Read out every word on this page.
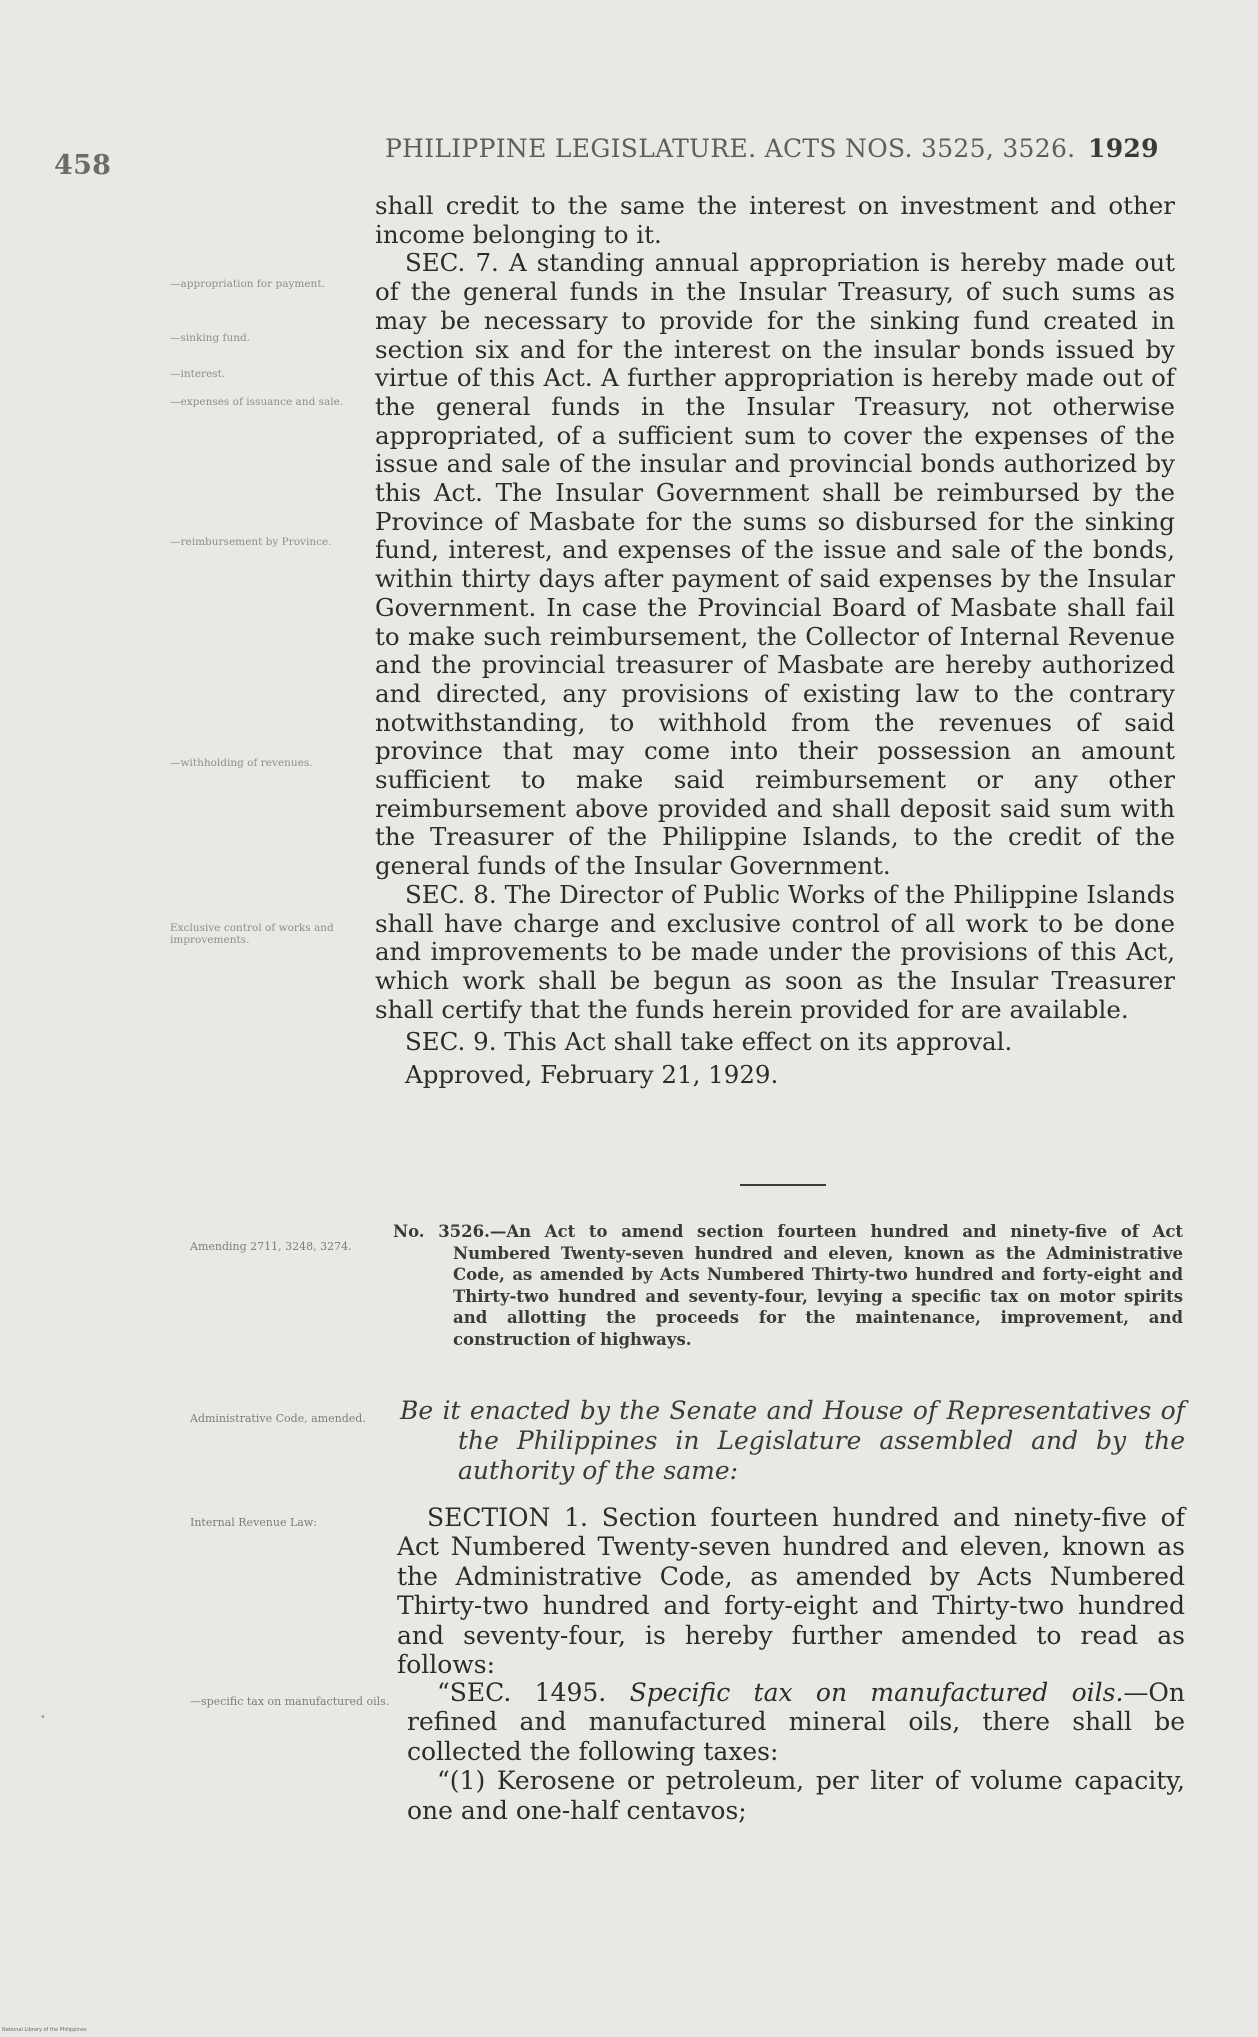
458
PHILIPPINE LEGISLATURE. ACTS NOS. 3525, 3526. 1929
—appropriation for payment.
—sinking fund.
—interest.
—expenses of issuance and sale.
—reimbursement by Province.
—withholding of revenues.
Exclusive control of works and improvements.

shall credit to the same the interest on investment and other income belonging to it.

SEC. 7. A standing annual appropriation is hereby made out of the general funds in the Insular Treasury, of such sums as may be necessary to provide for the sinking fund created in section six and for the interest on the insular bonds issued by virtue of this Act. A further appropriation is hereby made out of the general funds in the Insular Treasury, not otherwise appropriated, of a sufficient sum to cover the expenses of the issue and sale of the insular and provincial bonds authorized by this Act. The Insular Government shall be reimbursed by the Province of Masbate for the sums so disbursed for the sinking fund, interest, and expenses of the issue and sale of the bonds, within thirty days after payment of said expenses by the Insular Government. In case the Provincial Board of Masbate shall fail to make such reimbursement, the Collector of Internal Revenue and the provincial treasurer of Masbate are hereby authorized and directed, any provisions of existing law to the contrary notwithstanding, to withhold from the revenues of said province that may come into their possession an amount sufficient to make said reimbursement or any other reimbursement above provided and shall deposit said sum with the Treasurer of the Philippine Islands, to the credit of the general funds of the Insular Government.

SEC. 8. The Director of Public Works of the Philippine Islands shall have charge and exclusive control of all work to be done and improvements to be made under the provisions of this Act, which work shall be begun as soon as the Insular Treasurer shall certify that the funds herein provided for are available.

SEC. 9. This Act shall take effect on its approval.

Approved, February 21, 1929.

Amending 2711, 3248, 3274.
Administrative Code, amended.
Internal Revenue Law:
—specific tax on manufactured oils.
No. 3526.—An Act to amend section fourteen hundred and ninety-five of Act Numbered Twenty-seven hundred and eleven, known as the Administrative Code, as amended by Acts Numbered Thirty-two hundred and forty-eight and Thirty-two hundred and seventy-four, levying a specific tax on motor spirits and allotting the proceeds for the maintenance, improvement, and construction of highways.
Be it enacted by the Senate and House of Representatives of the Philippines in Legislature assembled and by the authority of the same:

SECTION 1. Section fourteen hundred and ninety-five of Act Numbered Twenty-seven hundred and eleven, known as the Administrative Code, as amended by Acts Numbered Thirty-two hundred and forty-eight and Thirty-two hundred and seventy-four, is hereby further amended to read as follows:

“SEC. 1495. Specific tax on manufactured oils.—On refined and manufactured mineral oils, there shall be collected the following taxes:

“(1) Kerosene or petroleum, per liter of volume capacity, one and one-half centavos;

•
National Library of the Philippines
